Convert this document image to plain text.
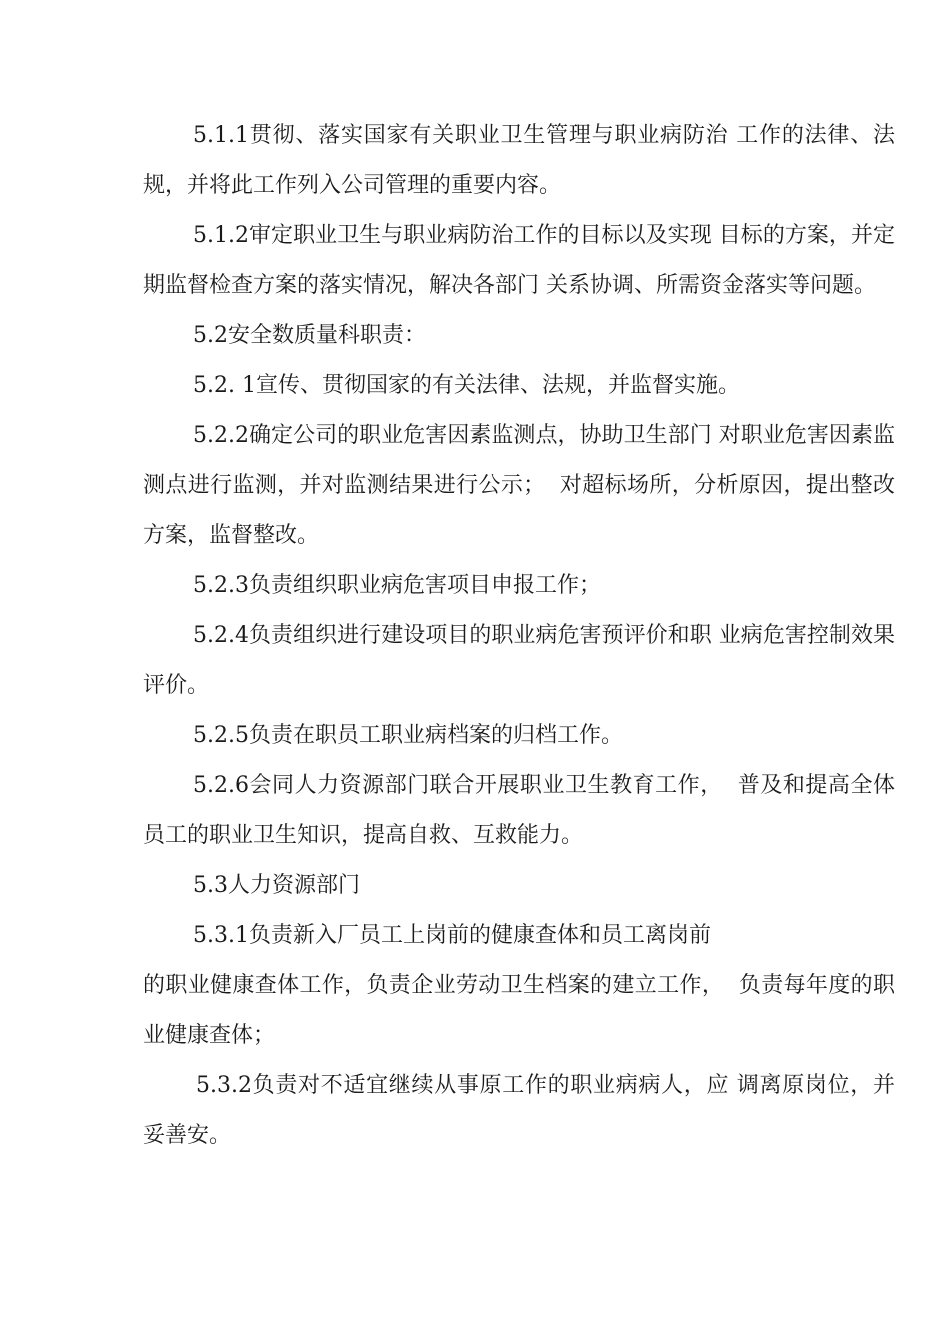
5.1.1贯彻、落实国家有关职业卫生管理与职业病防治 工作的法律、法规，并将此工作列入公司管理的重要内容。

5.1.2审定职业卫生与职业病防治工作的目标以及实现 目标的方案，并定期监督检查方案的落实情况，解决各部门 关系协调、所需资金落实等问题。

5.2安全数质量科职责：

5.2. 1宣传、贯彻国家的有关法律、法规，并监督实施。

5.2.2确定公司的职业危害因素监测点，协助卫生部门 对职业危害因素监测点进行监测，并对监测结果进行公示；  对超标场所，分析原因，提出整改方案，监督整改。

5.2.3负责组织职业病危害项目申报工作；

5.2.4负责组织进行建设项目的职业病危害预评价和职 业病危害控制效果评价。

5.2.5负责在职员工职业病档案的归档工作。

5.2.6会同人力资源部门联合开展职业卫生教育工作，  普及和提高全体员工的职业卫生知识，提高自救、互救能力。

5.3人力资源部门

5.3.1负责新入厂员工上岗前的健康查体和员工离岗前

的职业健康查体工作，负责企业劳动卫生档案的建立工作，  负责每年度的职业健康查体；

5.3.2负责对不适宜继续从事原工作的职业病病人，应 调离原岗位，并妥善安。
